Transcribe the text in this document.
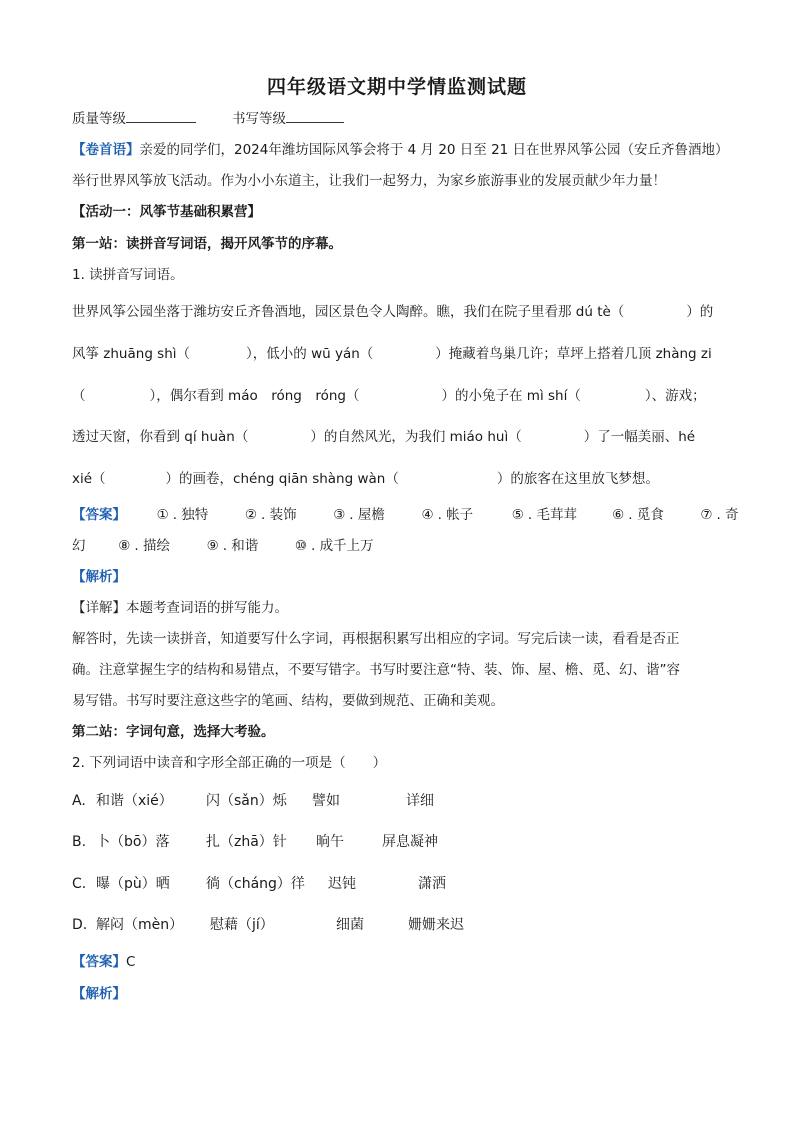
四年级语文期中学情监测试题
质量等级	书写等级
【卷首语】亲爱的同学们，2024年潍坊国际风筝会将于 4 月 20 日至 21 日在世界风筝公园（安丘齐鲁酒地）
举行世界风筝放飞活动。作为小小东道主，让我们一起努力，为家乡旅游事业的发展贡献少年力量！
【活动一：风筝节基础积累营】
第一站：读拼音写词语，揭开风筝节的序幕。
1. 读拼音写词语。
世界风筝公园坐落于潍坊安丘齐鲁酒地，园区景色令人陶醉。瞧，我们在院子里看那 dú tè（	）的
风筝 zhuāng shì（	），低小的 wū yán（	）掩藏着鸟巢几许；草坪上搭着几顶 zhàng zi
（	），偶尔看到 máo　róng　róng（	）的小兔子在 mì shí（	）、游戏；
透过天窗，你看到 qí huàn（	）的自然风光，为我们 miáo huì（	）了一幅美丽、hé
xié（	）的画卷，chéng qiān shàng wàn（	）的旅客在这里放飞梦想。
【答案】 ① . 独特	② . 装饰	③ . 屋檐	④ . 帐子	⑤ . 毛茸茸	⑥ . 觅食	⑦ . 奇
幻 ⑧ . 描绘	⑨ . 和谐	⑩ . 成千上万
【解析】
【详解】本题考查词语的拼写能力。
解答时，先读一读拼音，知道要写什么字词，再根据积累写出相应的字词。写完后读一读，看看是否正
确。注意掌握生字的结构和易错点，不要写错字。书写时要注意“特、装、饰、屋、檐、觅、幻、谐”容
易写错。书写时要注意这些字的笔画、结构，要做到规范、正确和美观。
第二站：字词句意，选择大考验。
2. 下列词语中读音和字形全部正确的一项是（　　）
A. 和谐（xié） 闪（sǎn）烁 譬如	详细
B. 卜（bō）落	扎（zhā）针 晌午	屏息凝神
C. 曝（pù）晒	徜（cháng）徉 迟钝	潇洒
D. 解闷（mèn） 慰藉（jí）	细菌	姗姗来迟
【答案】C
【解析】
